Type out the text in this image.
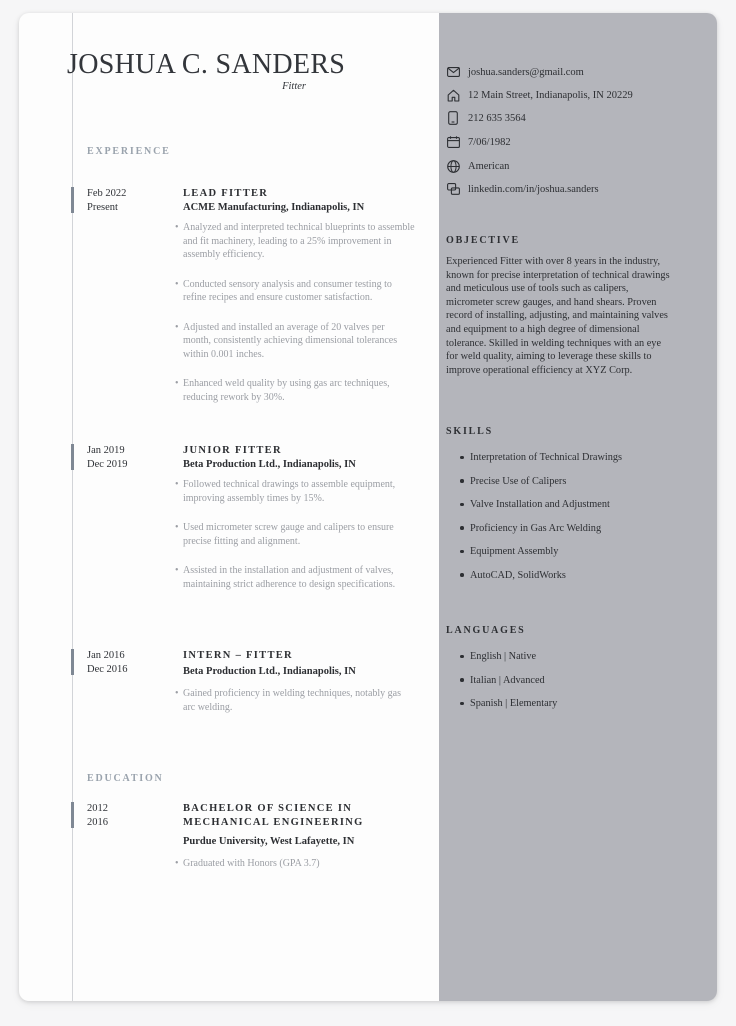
JOSHUA C. SANDERS
Fitter
EXPERIENCE
Feb 2022
Present
LEAD FITTER
ACME Manufacturing, Indianapolis, IN
• Analyzed and interpreted technical blueprints to assemble and fit machinery, leading to a 25% improvement in assembly efficiency.
• Conducted sensory analysis and consumer testing to refine recipes and ensure customer satisfaction.
• Adjusted and installed an average of 20 valves per month, consistently achieving dimensional tolerances within 0.001 inches.
• Enhanced weld quality by using gas arc techniques, reducing rework by 30%.
Jan 2019
Dec 2019
JUNIOR FITTER
Beta Production Ltd., Indianapolis, IN
• Followed technical drawings to assemble equipment, improving assembly times by 15%.
• Used micrometer screw gauge and calipers to ensure precise fitting and alignment.
• Assisted in the installation and adjustment of valves, maintaining strict adherence to design specifications.
Jan 2016
Dec 2016
INTERN – FITTER
Beta Production Ltd., Indianapolis, IN
• Gained proficiency in welding techniques, notably gas arc welding.
EDUCATION
2012
2016
BACHELOR OF SCIENCE IN
MECHANICAL ENGINEERING
Purdue University, West Lafayette, IN
• Graduated with Honors (GPA 3.7)
joshua.sanders@gmail.com
12 Main Street, Indianapolis, IN 20229
212 635 3564
7/06/1982
American
linkedin.com/in/joshua.sanders
OBJECTIVE
Experienced Fitter with over 8 years in the industry, known for precise interpretation of technical drawings and meticulous use of tools such as calipers, micrometer screw gauges, and hand shears. Proven record of installing, adjusting, and maintaining valves and equipment to a high degree of dimensional tolerance. Skilled in welding techniques with an eye for weld quality, aiming to leverage these skills to improve operational efficiency at XYZ Corp.
SKILLS
Interpretation of Technical Drawings
Precise Use of Calipers
Valve Installation and Adjustment
Proficiency in Gas Arc Welding
Equipment Assembly
AutoCAD, SolidWorks
LANGUAGES
English | Native
Italian | Advanced
Spanish | Elementary
